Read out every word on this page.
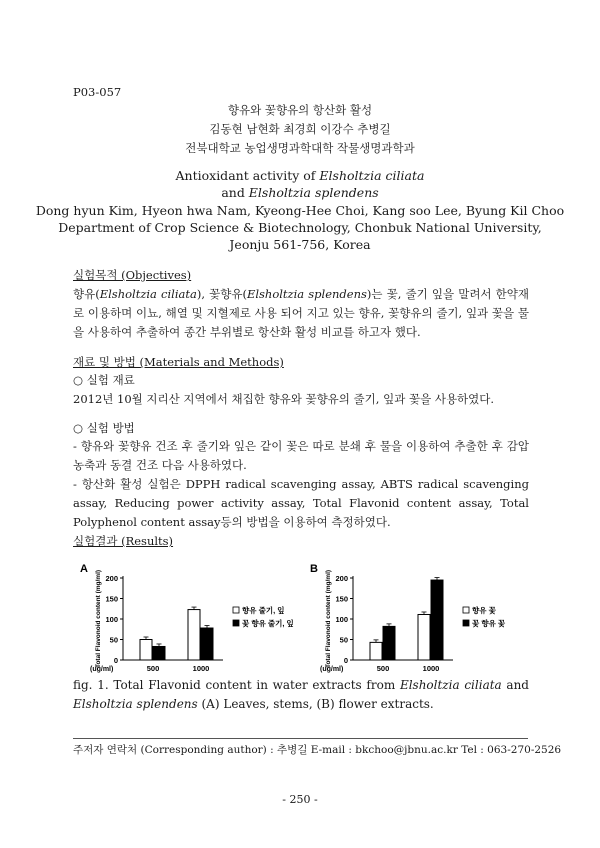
P03-057
향유와 꽃향유의 항산화 활성
김동현 남현화 최경희 이강수 추병길
전북대학교 농업생명과학대학 작물생명과학과
Antioxidant activity of Elsholtzia ciliata
and Elsholtzia splendens
Dong hyun Kim, Hyeon hwa Nam, Kyeong-Hee Choi, Kang soo Lee, Byung Kil Choo
Department of Crop Science & Biotechnology, Chonbuk National University,
Jeonju 561-756, Korea
실험목적 (Objectives)
향유(Elsholtzia ciliata), 꽃향유(Elsholtzia splendens)는 꽃, 줄기 잎을 말려서 한약재로 이용하며 이뇨, 해열 및 지혈제로 사용 되어 지고 있는 향유, 꽃향유의 줄기, 잎과 꽃을 물을 사용하여 추출하여 종간 부위별로 항산화 활성 비교를 하고자 했다.
재료 및 방법 (Materials and Methods)
○ 실험 재료
2012년 10월 지리산 지역에서 채집한 향유와 꽃향유의 줄기, 잎과 꽃을 사용하였다.
○ 실험 방법
- 향유와 꽃향유 건조 후 줄기와 잎은 같이 꽃은 따로 분쇄 후 물을 이용하여 추출한 후 감압 농축과 동결 건조 다음 사용하였다.
- 항산화 활성 실험은 DPPH radical scavenging assay, ABTS radical scavenging assay, Reducing power activity assay, Total Flavonid content assay, Total Polyphenol content assay등의 방법을 이용하여 측정하였다.
실험결과 (Results)
A
Total Flavonoid content (mg/ml) 0
50
100
150
200
500	1000
(ug/ml)
향유 줄기, 잎
꽃 향유 줄기, 잎
B
Total Flavonoid content (mg/ml) 0
50
100
150
200
500	1000
(ug/ml)
향유 꽃
꽃 향유 꽃
fig. 1. Total Flavonid content in water extracts from Elsholtzia ciliata and Elsholtzia splendens (A) Leaves, stems, (B) flower extracts.
주저자 연락처 (Corresponding author) : 추병길 E-mail : bkchoo@jbnu.ac.kr Tel : 063-270-2526
- 250 -
